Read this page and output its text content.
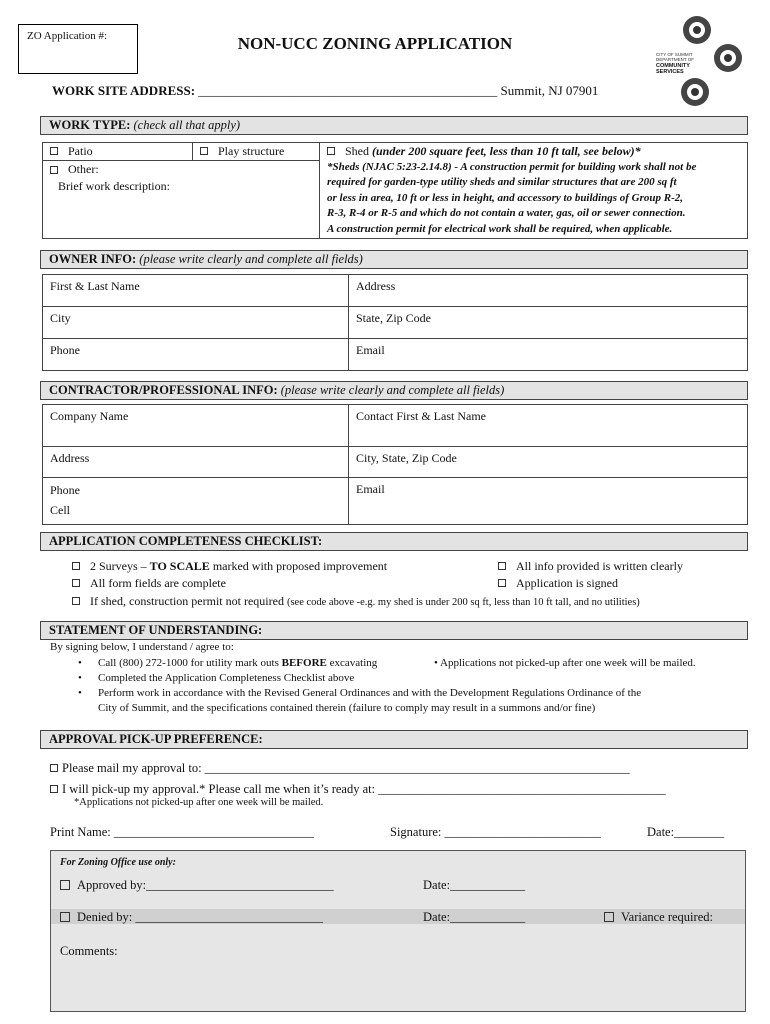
ZO Application #:	NON-UCC ZONING APPLICATION
CITY OF SUMMIT
DEPARTMENT OF
COMMUNITY
SERVICES
WORK SITE ADDRESS: ______________________________________________ Summit, NJ 07901
WORK TYPE: (check all that apply)
Patio	Play structure	Shed (under 200 square feet, less than 10 ft tall, see below)*
*Sheds (NJAC 5:23-2.14.8) - A construction permit for building work shall not be
required for garden-type utility sheds and similar structures that are 200 sq ft
or less in area, 10 ft or less in height, and accessory to buildings of Group R-2,
R-3, R-4 or R-5 and which do not contain a water, gas, oil or sewer connection.
A construction permit for electrical work shall be required, when applicable.

Other:
Brief work description:
OWNER INFO: (please write clearly and complete all fields)
First & Last Name	Address
City	State, Zip Code
Phone	Email
CONTRACTOR/PROFESSIONAL INFO: (please write clearly and complete all fields)
Company Name	Contact First & Last Name
Address	City, State, Zip Code

Phone
Cell	Email
APPLICATION COMPLETENESS CHECKLIST:
2 Surveys – TO SCALE marked with proposed improvement	All info provided is written clearly
All form fields are complete	Application is signed
If shed, construction permit not required (see code above -e.g. my shed is under 200 sq ft, less than 10 ft tall, and no utilities)
STATEMENT OF UNDERSTANDING:
By signing below, I understand / agree to:
• Call (800) 272-1000 for utility mark outs BEFORE excavating	• Applications not picked-up after one week will be mailed.
• Completed the Application Completeness Checklist above
• Perform work in accordance with the Revised General Ordinances and with the Development Regulations Ordinance of the
City of Summit, and the specifications contained therein (failure to comply may result in a summons and/or fine)
APPROVAL PICK-UP PREFERENCE:
Please mail my approval to: ____________________________________________________________________
I will pick-up my approval.* Please call me when it’s ready at: ______________________________________________
*Applications not picked-up after one week will be mailed.
Print Name: ________________________________	Signature: _________________________	Date:________
For Zoning Office use only:
Approved by:______________________________	Date:____________
Denied by: ______________________________	Date:____________	Variance required:
Comments:
